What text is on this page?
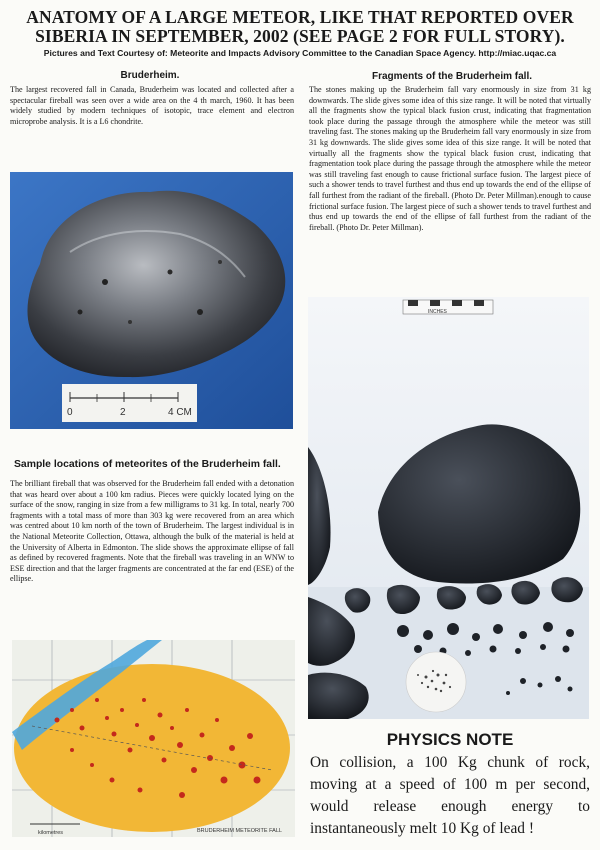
ANATOMY OF A LARGE METEOR, LIKE THAT REPORTED OVER SIBERIA IN SEPTEMBER, 2002 (SEE PAGE 2 FOR FULL STORY).
Pictures and Text Courtesy of: Meteorite and Impacts Advisory Committee to the Canadian Space Agency. http://miac.uqac.ca
Bruderheim.
The largest recovered fall in Canada, Bruderheim was located and collected after a spectacular fireball was seen over a wide area on the 4 th march, 1960. It has been widely studied by modern techniques of isotopic, trace element and electron microprobe analysis. It is a L6 chondrite.
0	2	4 CM
Sample locations of meteorites of the Bruderheim fall.
The brilliant fireball that was observed for the Bruderheim fall ended with a detonation that was heard over about a 100 km radius. Pieces were quickly located lying on the surface of the snow, ranging in size from a few milligrams to 31 kg. In total, nearly 700 fragments with a total mass of more than 303 kg were recovered from an area which was centred about 10 km north of the town of Bruderheim. The largest individual is in the National Meteorite Collection, Ottawa, although the bulk of the material is held at the University of Alberta in Edmonton. The slide shows the approximate ellipse of fall as defined by recovered fragments. Note that the fireball was traveling in an WNW to ESE direction and that the larger fragments are concentrated at the far end (ESE) of the ellipse.
kilometres	BRUDERHEIM METEORITE FALL
Fragments of the Bruderheim fall.
The stones making up the Bruderheim fall vary enormously in size from 31 kg downwards. The slide gives some idea of this size range. It will be noted that virtually all the fragments show the typical black fusion crust, indicating that fragmentation took place during the passage through the atmosphere while the meteor was still traveling fast. The stones making up the Bruderheim fall vary enormously in size from 31 kg downwards. The slide gives some idea of this size range. It will be noted that virtually all the fragments show the typical black fusion crust, indicating that fragmentation took place during the passage through the atmosphere while the meteor was still traveling fast enough to cause frictional surface fusion. The largest piece of such a shower tends to travel furthest and thus end up towards the end of the ellipse of fall furthest from the radiant of the fireball. (Photo Dr. Peter Millman).enough to cause frictional surface fusion. The largest piece of such a shower tends to travel furthest and thus end up towards the end of the ellipse of fall furthest from the radiant of the fireball. (Photo Dr. Peter Millman).
INCHES
PHYSICS NOTE
On collision, a 100 Kg chunk of rock, moving at a speed of 100 m per second, would release enough energy to instantaneously melt 10 Kg of lead !
